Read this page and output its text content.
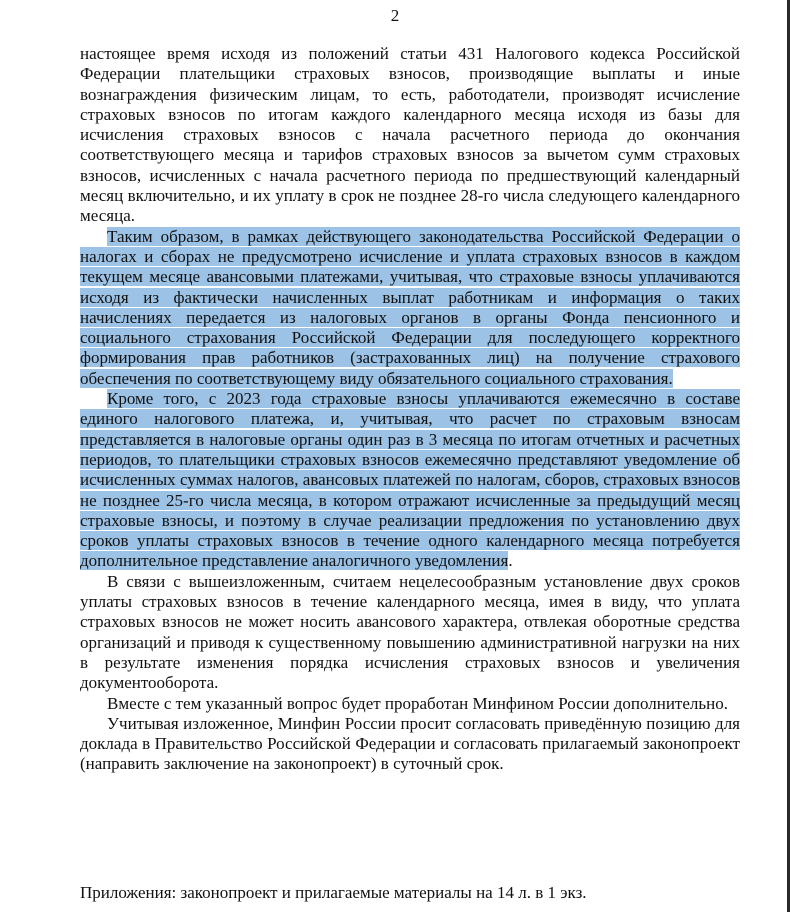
2

настоящее время исходя из положений статьи 431 Налогового кодекса Российской Федерации плательщики страховых взносов, производящие выплаты и иные вознаграждения физическим лицам, то есть, работодатели, производят исчисление страховых взносов по итогам каждого календарного месяца исходя из базы для исчисления страховых взносов с начала расчетного периода до окончания соответствующего месяца и тарифов страховых взносов за вычетом сумм страховых взносов, исчисленных с начала расчетного периода по предшествующий календарный месяц включительно, и их уплату в срок не позднее 28-го числа следующего календарного месяца.

Таким образом, в рамках действующего законодательства Российской Федерации о налогах и сборах не предусмотрено исчисление и уплата страховых взносов в каждом текущем месяце авансовыми платежами, учитывая, что страховые взносы уплачиваются исходя из фактически начисленных выплат работникам и информация о таких начислениях передается из налоговых органов в органы Фонда пенсионного и социального страхования Российской Федерации для последующего корректного формирования прав работников (застрахованных лиц) на получение страхового обеспечения по соответствующему виду обязательного социального страхования.

Кроме того, с 2023 года страховые взносы уплачиваются ежемесячно в составе единого налогового платежа, и, учитывая, что расчет по страховым взносам представляется в налоговые органы один раз в 3 месяца по итогам отчетных и расчетных периодов, то плательщики страховых взносов ежемесячно представляют уведомление об исчисленных суммах налогов, авансовых платежей по налогам, сборов, страховых взносов не позднее 25-го числа месяца, в котором отражают исчисленные за предыдущий месяц страховые взносы, и поэтому в случае реализации предложения по установлению двух сроков уплаты страховых взносов в течение одного календарного месяца потребуется дополнительное представление аналогичного уведомления.

В связи с вышеизложенным, считаем нецелесообразным установление двух сроков уплаты страховых взносов в течение календарного месяца, имея в виду, что уплата страховых взносов не может носить авансового характера, отвлекая оборотные средства организаций и приводя к существенному повышению административной нагрузки на них в результате изменения порядка исчисления страховых взносов и увеличения документооборота.

Вместе с тем указанный вопрос будет проработан Минфином России дополнительно.

Учитывая изложенное, Минфин России просит согласовать приведённую позицию для доклада в Правительство Российской Федерации и согласовать прилагаемый законопроект (направить заключение на законопроект) в суточный срок.

Приложения: законопроект и прилагаемые материалы на 14 л. в 1 экз.
